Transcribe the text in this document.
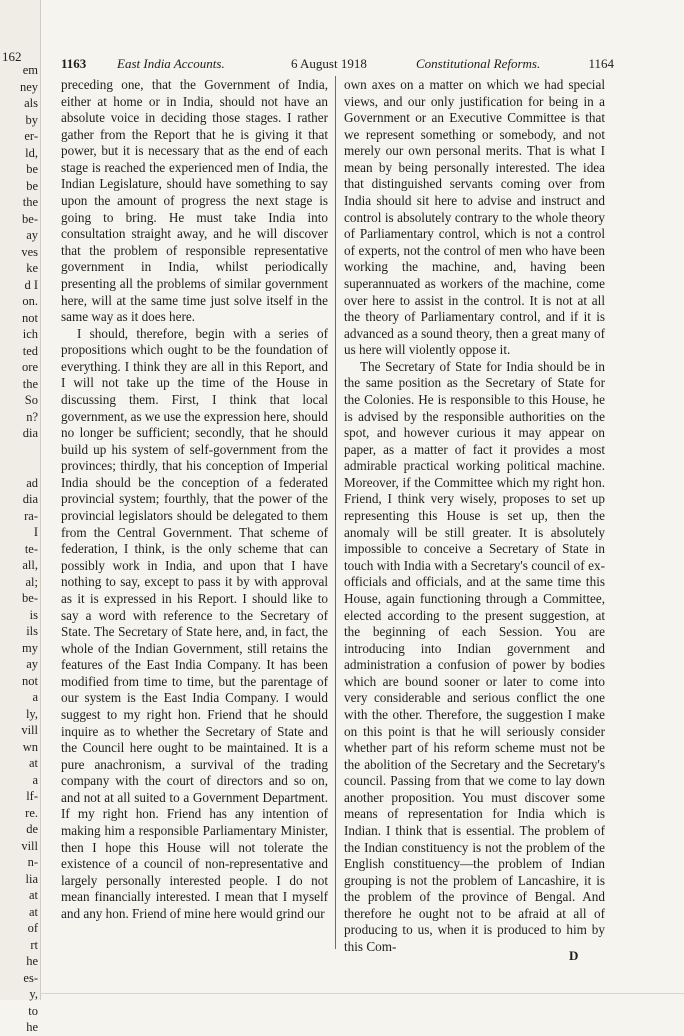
162
em
ney
als
by
er-
ld,
be
be
the
be-
ay
ves
ke
d I
on.
not
ich
ted
ore
the
So
n?
dia
ad
dia
ra-
I
te-
all,
al;
be-
is
ils
my
ay
not
a
ly,
vill
wn
at
a
lf-
re.
de
vill
n-
lia
at
at
of
rt
he
es-
y,
to
he
1163 East India Accounts.	6 August 1918	Constitutional Reforms.	1164

preceding one, that the Government of India, either at home or in India, should not have an absolute voice in deciding those stages. I rather gather from the Report that he is giving it that power, but it is necessary that as the end of each stage is reached the experienced men of India, the Indian Legislature, should have something to say upon the amount of progress the next stage is going to bring. He must take India into consultation straight away, and he will discover that the problem of responsible representative government in India, whilst periodically presenting all the problems of similar government here, will at the same time just solve itself in the same way as it does here.

I should, therefore, begin with a series of propositions which ought to be the foundation of everything. I think they are all in this Report, and I will not take up the time of the House in discussing them. First, I think that local government, as we use the expression here, should no longer be sufficient; secondly, that he should build up his system of self-government from the provinces; thirdly, that his conception of Imperial India should be the conception of a federated provincial system; fourthly, that the power of the provincial legislators should be delegated to them from the Central Government. That scheme of federation, I think, is the only scheme that can possibly work in India, and upon that I have nothing to say, except to pass it by with approval as it is expressed in his Report. I should like to say a word with reference to the Secretary of State. The Secretary of State here, and, in fact, the whole of the Indian Government, still retains the features of the East India Company. It has been modified from time to time, but the parentage of our system is the East India Company. I would suggest to my right hon. Friend that he should inquire as to whether the Secretary of State and the Council here ought to be maintained. It is a pure anachronism, a survival of the trading company with the court of directors and so on, and not at all suited to a Government Department. If my right hon. Friend has any intention of making him a responsible Parliamentary Minister, then I hope this House will not tolerate the existence of a council of non-representative and largely personally interested people. I do not mean financially interested. I mean that I myself and any hon. Friend of mine here would grind our

own axes on a matter on which we had special views, and our only justification for being in a Government or an Executive Committee is that we represent something or somebody, and not merely our own personal merits. That is what I mean by being personally interested. The idea that distinguished servants coming over from India should sit here to advise and instruct and control is absolutely contrary to the whole theory of Parliamentary control, which is not a control of experts, not the control of men who have been working the machine, and, having been superannuated as workers of the machine, come over here to assist in the control. It is not at all the theory of Parliamentary control, and if it is advanced as a sound theory, then a great many of us here will violently oppose it.

The Secretary of State for India should be in the same position as the Secretary of State for the Colonies. He is responsible to this House, he is advised by the responsible authorities on the spot, and however curious it may appear on paper, as a matter of fact it provides a most admirable practical working political machine. Moreover, if the Committee which my right hon. Friend, I think very wisely, proposes to set up representing this House is set up, then the anomaly will be still greater. It is absolutely impossible to conceive a Secretary of State in touch with India with a Secretary's council of ex-officials and officials, and at the same time this House, again functioning through a Committee, elected according to the present suggestion, at the beginning of each Session. You are introducing into Indian government and administration a confusion of power by bodies which are bound sooner or later to come into very considerable and serious conflict the one with the other. Therefore, the suggestion I make on this point is that he will seriously consider whether part of his reform scheme must not be the abolition of the Secretary and the Secretary's council. Passing from that we come to lay down another proposition. You must discover some means of representation for India which is Indian. I think that is essential. The problem of the Indian constituency is not the problem of the English constituency—the problem of Indian grouping is not the problem of Lancashire, it is the problem of the province of Bengal. And therefore he ought not to be afraid at all of producing to us, when it is produced to him by this Com-

D
